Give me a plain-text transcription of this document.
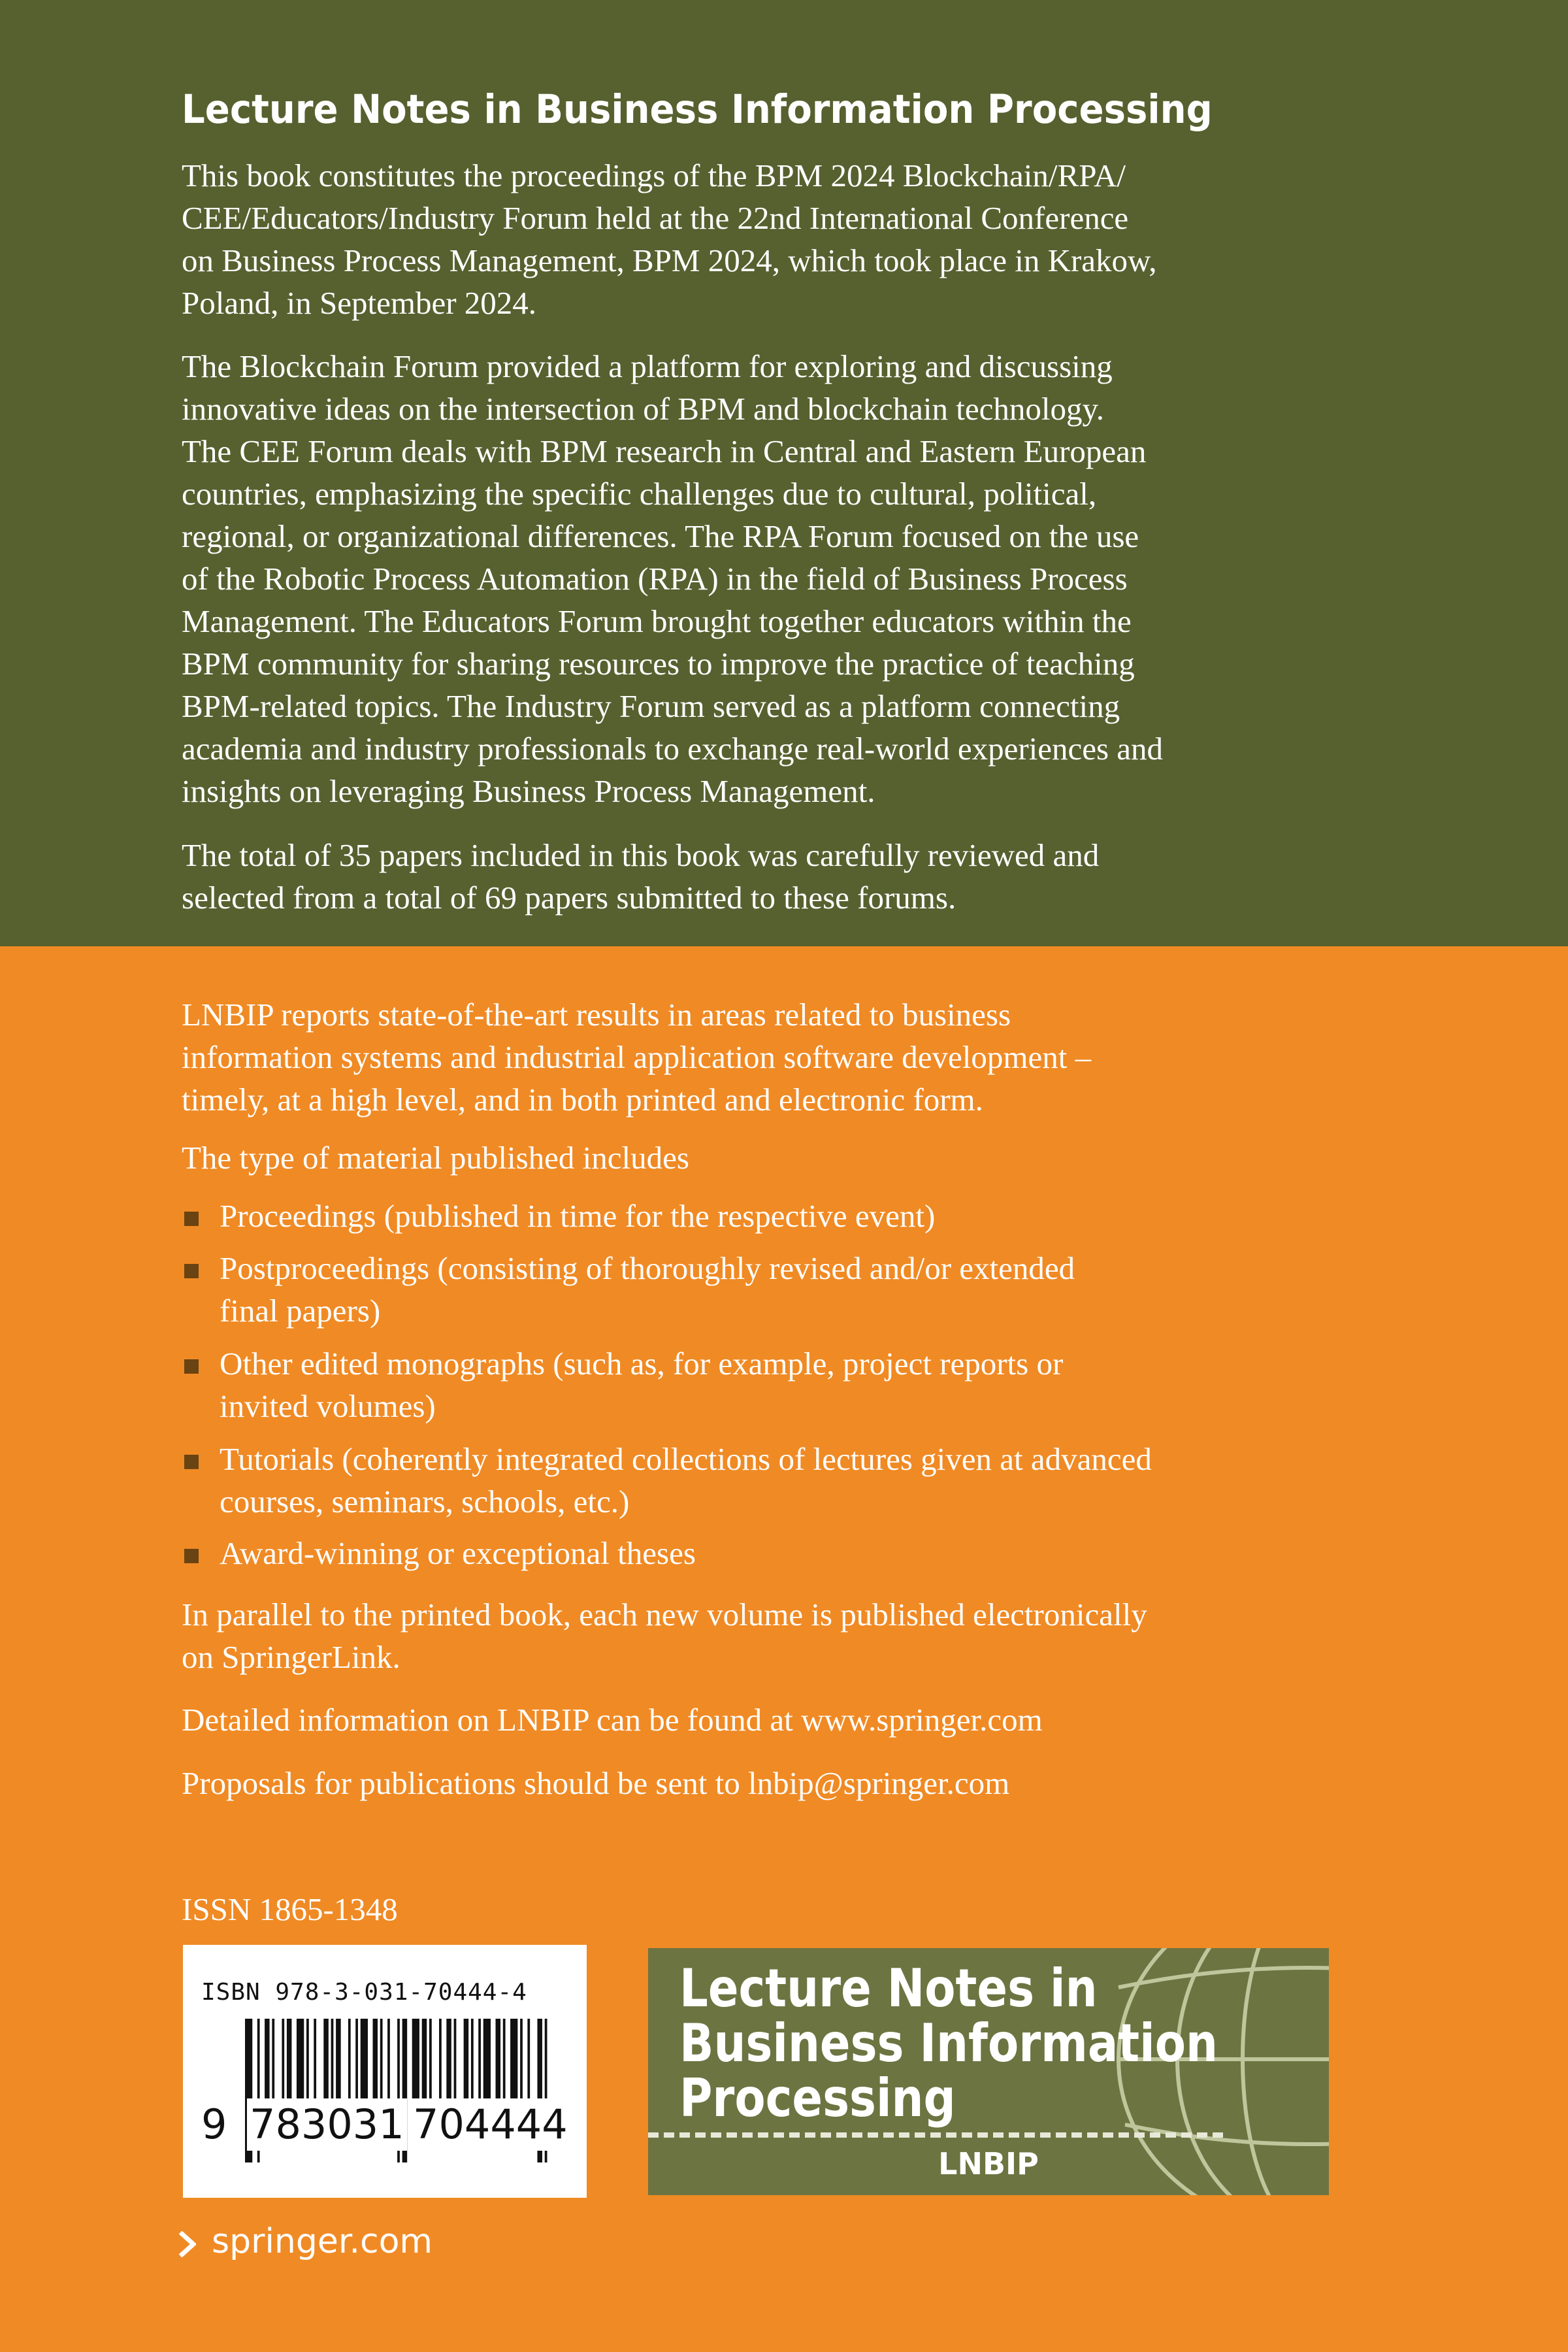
Lecture Notes in Business Information Processing
This book constitutes the proceedings of the BPM 2024 Blockchain/RPA/
CEE/Educators/Industry Forum held at the 22nd International Conference
on Business Process Management, BPM 2024, which took place in Krakow,
Poland, in September 2024.
The Blockchain Forum provided a platform for exploring and discussing
innovative ideas on the intersection of BPM and blockchain technology.
The CEE Forum deals with BPM research in Central and Eastern European
countries, emphasizing the specific challenges due to cultural, political,
regional, or organizational differences. The RPA Forum focused on the use
of the Robotic Process Automation (RPA) in the field of Business Process
Management. The Educators Forum brought together educators within the
BPM community for sharing resources to improve the practice of teaching
BPM-related topics. The Industry Forum served as a platform connecting
academia and industry professionals to exchange real-world experiences and
insights on leveraging Business Process Management.
The total of 35 papers included in this book was carefully reviewed and
selected from a total of 69 papers submitted to these forums.
LNBIP reports state-of-the-art results in areas related to business
information systems and industrial application software development –
timely, at a high level, and in both printed and electronic form.
The type of material published includes
Proceedings (published in time for the respective event)
Postproceedings (consisting of thoroughly revised and/or extended
final papers)
Other edited monographs (such as, for example, project reports or
invited volumes)
Tutorials (coherently integrated collections of lectures given at advanced
courses, seminars, schools, etc.)
Award-winning or exceptional theses
In parallel to the printed book, each new volume is published electronically
on SpringerLink.
Detailed information on LNBIP can be found at www.springer.com
Proposals for publications should be sent to lnbip@springer.com
ISSN 1865-1348
ISBN 978-3-031-70444-4
9 783031 704444
Lecture Notes in
Business Information
Processing
LNBIP
springer.com
